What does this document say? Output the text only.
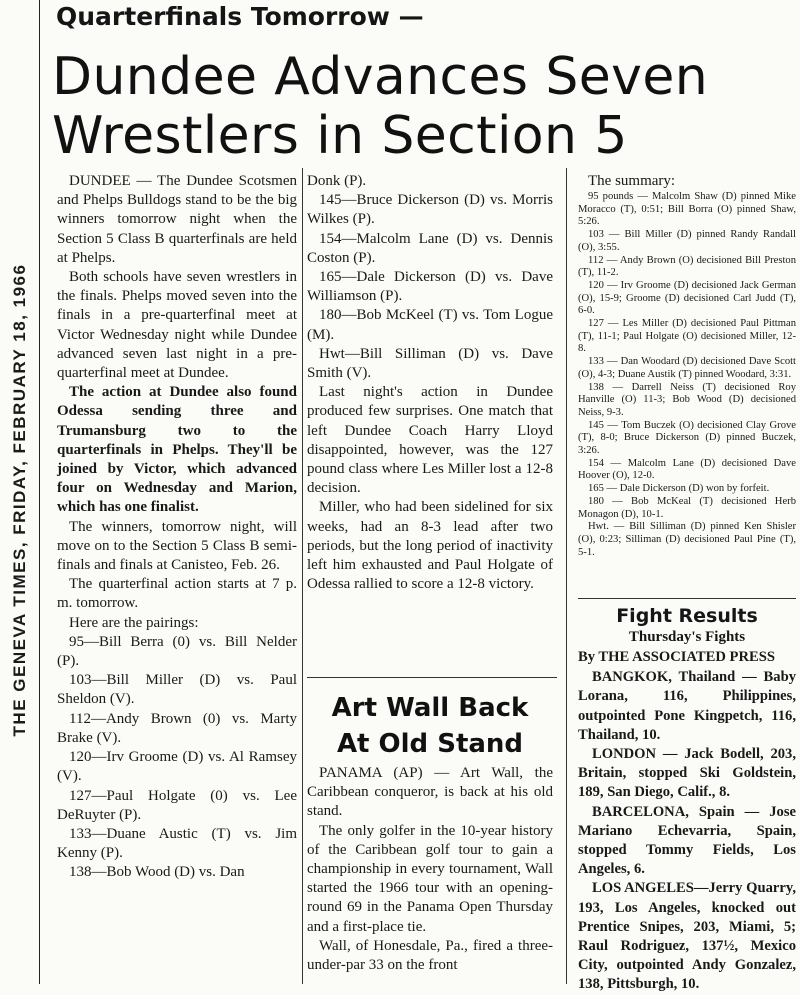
THE GENEVA TIMES, FRIDAY, FEBRUARY 18, 1966
Quarterfinals Tomorrow —
Dundee Advances Seven
Wrestlers in Section 5

DUNDEE — The Dundee Scotsmen and Phelps Bulldogs stand to be the big winners tomorrow night when the Section 5 Class B quarterfinals are held at Phelps.

Both schools have seven wrestlers in the finals. Phelps moved seven into the finals in a pre-quarterfinal meet at Victor Wednesday night while Dundee advanced seven last night in a pre-quarterfinal meet at Dundee.

The action at Dundee also found Odessa sending three and Trumansburg two to the quarterfinals in Phelps. They'll be joined by Victor, which advanced four on Wednesday and Marion, which has one finalist.

The winners, tomorrow night, will move on to the Section 5 Class B semi-finals and finals at Canisteo, Feb. 26.

The quarterfinal action starts at 7 p. m. tomorrow.

Here are the pairings:

95—Bill Berra (0) vs. Bill Nelder (P).

103—Bill Miller (D) vs. Paul Sheldon (V).

112—Andy Brown (0) vs. Marty Brake (V).

120—Irv Groome (D) vs. Al Ramsey (V).

127—Paul Holgate (0) vs. Lee DeRuyter (P).

133—Duane Austic (T) vs. Jim Kenny (P).

138—Bob Wood (D) vs. Dan

Donk (P).

145—Bruce Dickerson (D) vs. Morris Wilkes (P).

154—Malcolm Lane (D) vs. Dennis Coston (P).

165—Dale Dickerson (D) vs. Dave Williamson (P).

180—Bob McKeel (T) vs. Tom Logue (M).

Hwt—Bill Silliman (D) vs. Dave Smith (V).

Last night's action in Dundee produced few surprises. One match that left Dundee Coach Harry Lloyd disappointed, however, was the 127 pound class where Les Miller lost a 12-8 decision.

Miller, who had been sidelined for six weeks, had an 8-3 lead after two periods, but the long period of inactivity left him exhausted and Paul Holgate of Odessa rallied to score a 12-8 victory.

Art Wall Back
At Old Stand

PANAMA (AP) — Art Wall, the Caribbean conqueror, is back at his old stand.

The only golfer in the 10-year history of the Caribbean golf tour to gain a championship in every tournament, Wall started the 1966 tour with an opening-round 69 in the Panama Open Thursday and a first-place tie.

Wall, of Honesdale, Pa., fired a three-under-par 33 on the front

The summary:

95 pounds — Malcolm Shaw (D) pinned Mike Moracco (T), 0:51; Bill Borra (O) pinned Shaw, 5:26.

103 — Bill Miller (D) pinned Randy Randall (O), 3:55.

112 — Andy Brown (O) decisioned Bill Preston (T), 11-2.

120 — Irv Groome (D) decisioned Jack German (O), 15-9; Groome (D) decisioned Carl Judd (T), 6-0.

127 — Les Miller (D) decisioned Paul Pittman (T), 11-1; Paul Holgate (O) decisioned Miller, 12-8.

133 — Dan Woodard (D) decisioned Dave Scott (O), 4-3; Duane Austik (T) pinned Woodard, 3:31.

138 — Darrell Neiss (T) decisioned Roy Hanville (O) 11-3; Bob Wood (D) decisioned Neiss, 9-3.

145 — Tom Buczek (O) decisioned Clay Grove (T), 8-0; Bruce Dickerson (D) pinned Buczek, 3:26.

154 — Malcolm Lane (D) decisioned Dave Hoover (O), 12-0.

165 — Dale Dickerson (D) won by forfeit.

180 — Bob McKeal (T) decisioned Herb Monagon (D), 10-1.

Hwt. — Bill Silliman (D) pinned Ken Shisler (O), 0:23; Silliman (D) decisioned Paul Pine (T), 5-1.

Fight Results
Thursday's Fights

By THE ASSOCIATED PRESS

BANGKOK, Thailand — Baby Lorana, 116, Philippines, outpointed Pone Kingpetch, 116, Thailand, 10.

LONDON — Jack Bodell, 203, Britain, stopped Ski Goldstein, 189, San Diego, Calif., 8.

BARCELONA, Spain — Jose Mariano Echevarria, Spain, stopped Tommy Fields, Los Angeles, 6.

LOS ANGELES—Jerry Quarry, 193, Los Angeles, knocked out Prentice Snipes, 203, Miami, 5; Raul Rodriguez, 137½, Mexico City, outpointed Andy Gonzalez, 138, Pittsburgh, 10.
